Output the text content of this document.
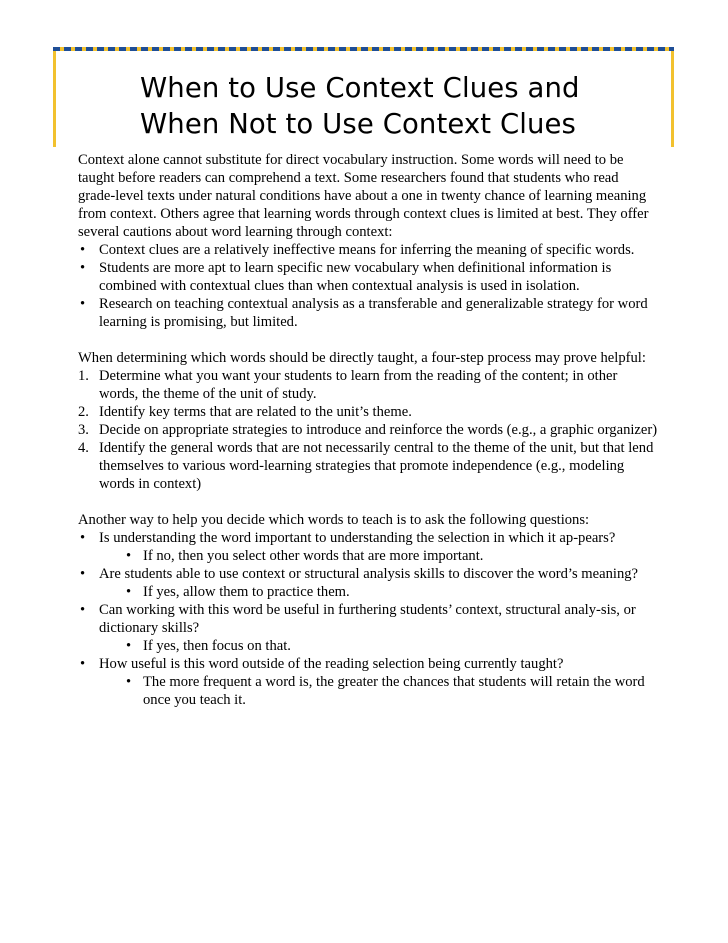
When to Use Context Clues and
When Not to Use Context Clues

Context alone cannot substitute for direct vocabulary instruction. Some words will need to be taught before readers can comprehend a text. Some researchers found that students who read grade-level texts under natural conditions have about a one in twenty chance of learning meaning from context. Others agree that learning words through context clues is limited at best. They offer several cautions about word learning through context:

• Context clues are a relatively ineffective means for inferring the meaning of specific words.
• Students are more apt to learn specific new vocabulary when definitional information is combined with contextual clues than when contextual analysis is used in isolation.
• Research on teaching contextual analysis as a transferable and generalizable strategy for word learning is promising, but limited.

When determining which words should be directly taught, a four-step process may prove helpful:

1. Determine what you want your students to learn from the reading of the content; in other words, the theme of the unit of study.
2. Identify key terms that are related to the unit’s theme.
3. Decide on appropriate strategies to introduce and reinforce the words (e.g., a graphic organizer)
4. Identify the general words that are not necessarily central to the theme of the unit, but that lend themselves to various word-learning strategies that promote independence (e.g., modeling words in context)

Another way to help you decide which words to teach is to ask the following questions:

• Is understanding the word important to understanding the selection in which it ap-pears?
• If no, then you select other words that are more important.
• Are students able to use context or structural analysis skills to discover the word’s meaning?
• If yes, allow them to practice them.
• Can working with this word be useful in furthering students’ context, structural analy-sis, or dictionary skills?
• If yes, then focus on that.
• How useful is this word outside of the reading selection being currently taught?
• The more frequent a word is, the greater the chances that students will retain the word once you teach it.
